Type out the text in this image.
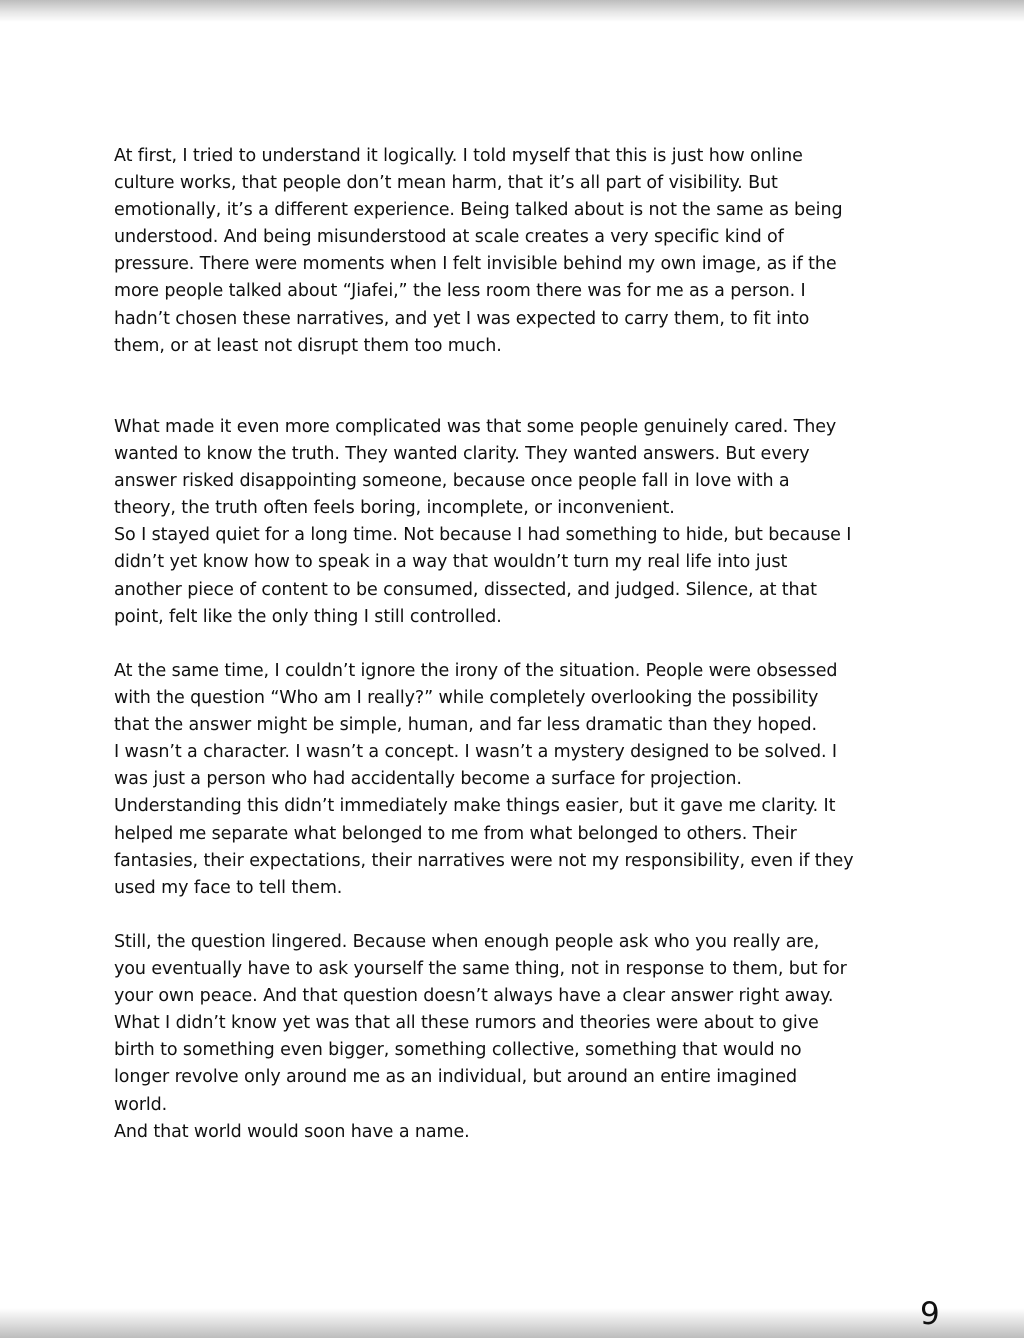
At first, I tried to understand it logically. I told myself that this is just how online
culture works, that people don’t mean harm, that it’s all part of visibility. But
emotionally, it’s a different experience. Being talked about is not the same as being
understood. And being misunderstood at scale creates a very specific kind of
pressure. There were moments when I felt invisible behind my own image, as if the
more people talked about “Jiafei,” the less room there was for me as a person. I
hadn’t chosen these narratives, and yet I was expected to carry them, to fit into
them, or at least not disrupt them too much.

What made it even more complicated was that some people genuinely cared. They
wanted to know the truth. They wanted clarity. They wanted answers. But every
answer risked disappointing someone, because once people fall in love with a
theory, the truth often feels boring, incomplete, or inconvenient.
So I stayed quiet for a long time. Not because I had something to hide, but because I
didn’t yet know how to speak in a way that wouldn’t turn my real life into just
another piece of content to be consumed, dissected, and judged. Silence, at that
point, felt like the only thing I still controlled.

At the same time, I couldn’t ignore the irony of the situation. People were obsessed
with the question “Who am I really?” while completely overlooking the possibility
that the answer might be simple, human, and far less dramatic than they hoped.
I wasn’t a character. I wasn’t a concept. I wasn’t a mystery designed to be solved. I
was just a person who had accidentally become a surface for projection.
Understanding this didn’t immediately make things easier, but it gave me clarity. It
helped me separate what belonged to me from what belonged to others. Their
fantasies, their expectations, their narratives were not my responsibility, even if they
used my face to tell them.

Still, the question lingered. Because when enough people ask who you really are,
you eventually have to ask yourself the same thing, not in response to them, but for
your own peace. And that question doesn’t always have a clear answer right away.
What I didn’t know yet was that all these rumors and theories were about to give
birth to something even bigger, something collective, something that would no
longer revolve only around me as an individual, but around an entire imagined
world.
And that world would soon have a name.

9
